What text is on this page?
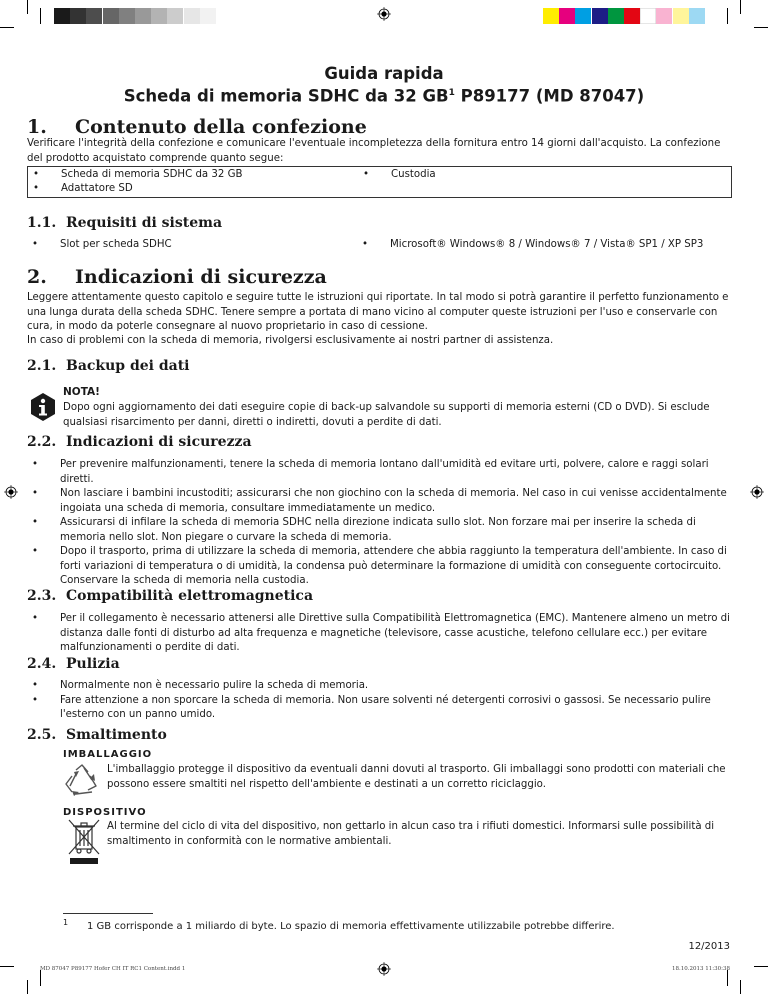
Guida rapida
Scheda di memoria SDHC da 32 $GB^1$ P89177 (MD 87047)
1. Contenuto della confezione

Verificare l'integrità della confezione e comunicare l'eventuale incompletezza della fornitura entro 14 giorni dall'acquisto. La confezione del prodotto acquistato comprende quanto segue:

• Scheda di memoria SDHC da 32 GB
• Adattatore SD
• Custodia
1.1. Requisiti di sistema
• Slot per scheda SDHC
•	Microsoft® Windows® 8 / Windows® 7 / Vista® SP1 / XP SP3
2. Indicazioni di sicurezza

Leggere attentamente questo capitolo e seguire tutte le istruzioni qui riportate. In tal modo si potrà garantire il perfetto funzionamento e una lunga durata della scheda SDHC. Tenere sempre a portata di mano vicino al computer queste istruzioni per l'uso e conservarle con cura, in modo da poterle consegnare al nuovo proprietario in caso di cessione.

In caso di problemi con la scheda di memoria, rivolgersi esclusivamente ai nostri partner di assistenza.

2.1. Backup dei dati
NOTA!

Dopo ogni aggiornamento dei dati eseguire copie di back-up salvandole su supporti di memoria esterni (CD o DVD). Si esclude qualsiasi risarcimento per danni, diretti o indiretti, dovuti a perdite di dati.

2.2. Indicazioni di sicurezza
• Per prevenire malfunzionamenti, tenere la scheda di memoria lontano dall'umidità ed evitare urti, polvere, calore e raggi solari diretti.
• Non lasciare i bambini incustoditi; assicurarsi che non giochino con la scheda di memoria. Nel caso in cui venisse accidentalmente ingoiata una scheda di memoria, consultare immediatamente un medico.
• Assicurarsi di infilare la scheda di memoria SDHC nella direzione indicata sullo slot. Non forzare mai per inserire la scheda di memoria nello slot. Non piegare o curvare la scheda di memoria.
• Dopo il trasporto, prima di utilizzare la scheda di memoria, attendere che abbia raggiunto la temperatura dell'ambiente. In caso di forti variazioni di temperatura o di umidità, la condensa può determinare la formazione di umidità con conseguente cortocircuito. Conservare la scheda di memoria nella custodia.
2.3. Compatibilità elettromagnetica
• Per il collegamento è necessario attenersi alle Direttive sulla Compatibilità Elettromagnetica (EMC). Mantenere almeno un metro di distanza dalle fonti di disturbo ad alta frequenza e magnetiche (televisore, casse acustiche, telefono cellulare ecc.) per evitare malfunzionamenti o perdite di dati.
2.4. Pulizia
• Normalmente non è necessario pulire la scheda di memoria.
• Fare attenzione a non sporcare la scheda di memoria. Non usare solventi né detergenti corrosivi o gassosi. Se necessario pulire l'esterno con un panno umido.
2.5. Smaltimento
IMBALLAGGIO

L'imballaggio protegge il dispositivo da eventuali danni dovuti al trasporto. Gli imballaggi sono prodotti con materiali che possono essere smaltiti nel rispetto dell'ambiente e destinati a un corretto riciclaggio.

DISPOSITIVO

Al termine del ciclo di vita del dispositivo, non gettarlo in alcun caso tra i rifiuti domestici. Informarsi sulle possibilità di smaltimento in conformità con le normative ambientali.

1 1 GB corrisponde a 1 miliardo di byte. Lo spazio di memoria effettivamente utilizzabile potrebbe differire.
12/2013
MD 87047 P89177 Hofer CH IT RC1 Content.indd 1	18.10.2013 11:30:38
